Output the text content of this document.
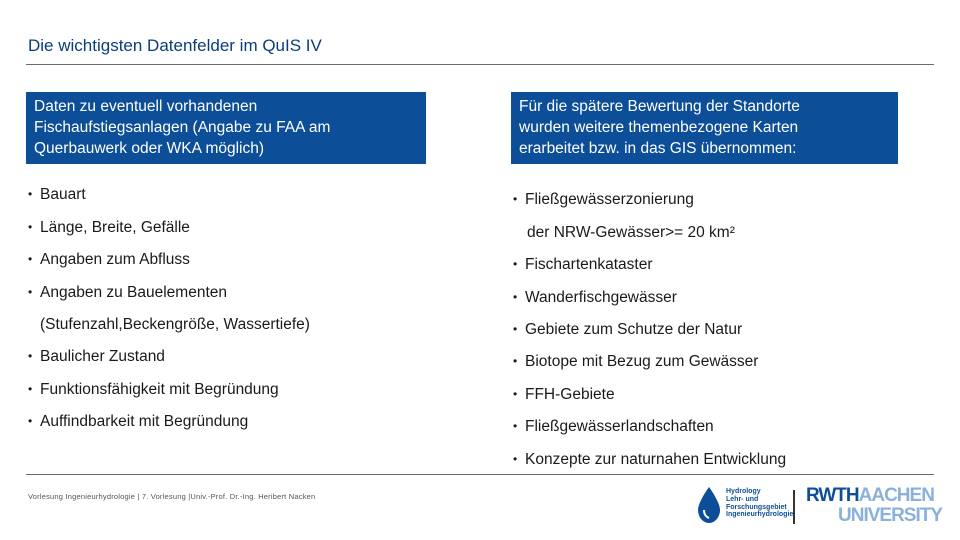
Die wichtigsten Datenfelder im QuIS IV
Daten zu eventuell vorhandenen
Fischaufstiegsanlagen (Angabe zu FAA am
Querbauwerk oder WKA möglich)
Für die spätere Bewertung der Standorte
wurden weitere themenbezogene Karten
erarbeitet bzw. in das GIS übernommen:
• Bauart
• Länge, Breite, Gefälle
• Angaben zum Abfluss
• Angaben zu Bauelementen
(Stufenzahl,Beckengröße, Wassertiefe)
• Baulicher Zustand
• Funktionsfähigkeit mit Begründung
• Auffindbarkeit mit Begründung
• Fließgewässerzonierung
der NRW-Gewässer>= 20 km²
• Fischartenkataster
• Wanderfischgewässer
• Gebiete zum Schutze der Natur
• Biotope mit Bezug zum Gewässer
• FFH-Gebiete
• Fließgewässerlandschaften
• Konzepte zur naturnahen Entwicklung
Vorlesung Ingenieurhydrologie | 7. Vorlesung |Univ.-Prof. Dr.-Ing. Heribert Nacken
Hydrology
Lehr- und
Forschungsgebiet
Ingenieurhydrologie
RWTHAACHEN
UNIVERSITY
